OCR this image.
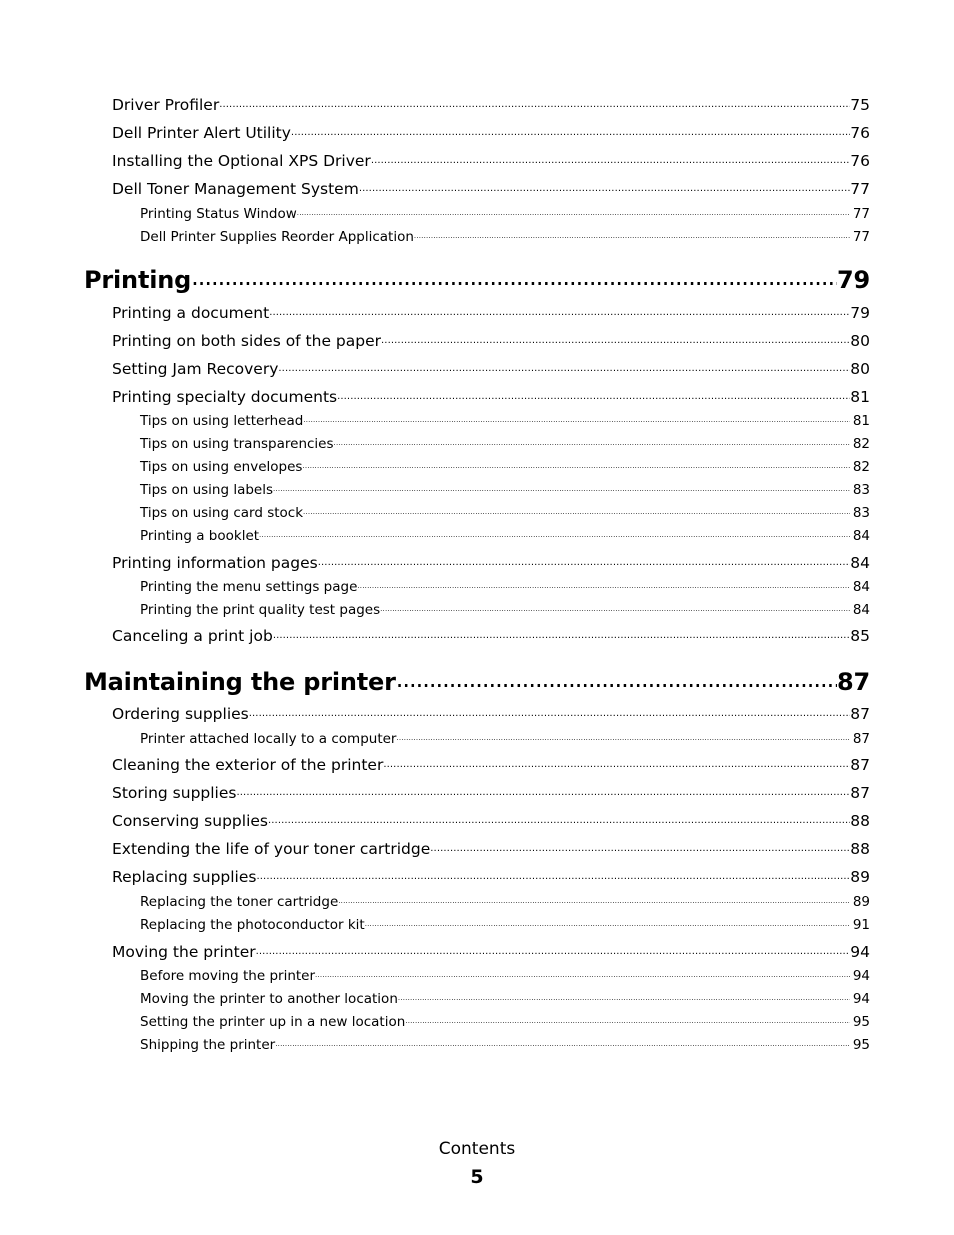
Driver Profiler .....	75
Dell Printer Alert Utility .....	76
Installing the Optional XPS Driver .....	76
Dell Toner Management System .....	77
Printing Status Window .....	77
Dell Printer Supplies Reorder Application .....	77
Printing .....	79
Printing a document .....	79
Printing on both sides of the paper .....	80
Setting Jam Recovery .....	80
Printing specialty documents .....	81
Tips on using letterhead .....	81
Tips on using transparencies .....	82
Tips on using envelopes .....	82
Tips on using labels .....	83
Tips on using card stock .....	83
Printing a booklet .....	84
Printing information pages .....	84
Printing the menu settings page .....	84
Printing the print quality test pages .....	84
Canceling a print job .....	85
Maintaining the printer .....	87
Ordering supplies .....	87
Printer attached locally to a computer .....	87
Cleaning the exterior of the printer .....	87
Storing supplies .....	87
Conserving supplies .....	88
Extending the life of your toner cartridge .....	88
Replacing supplies .....	89
Replacing the toner cartridge .....	89
Replacing the photoconductor kit .....	91
Moving the printer .....	94
Before moving the printer .....	94
Moving the printer to another location .....	94
Setting the printer up in a new location .....	95
Shipping the printer .....	95
Contents
5
